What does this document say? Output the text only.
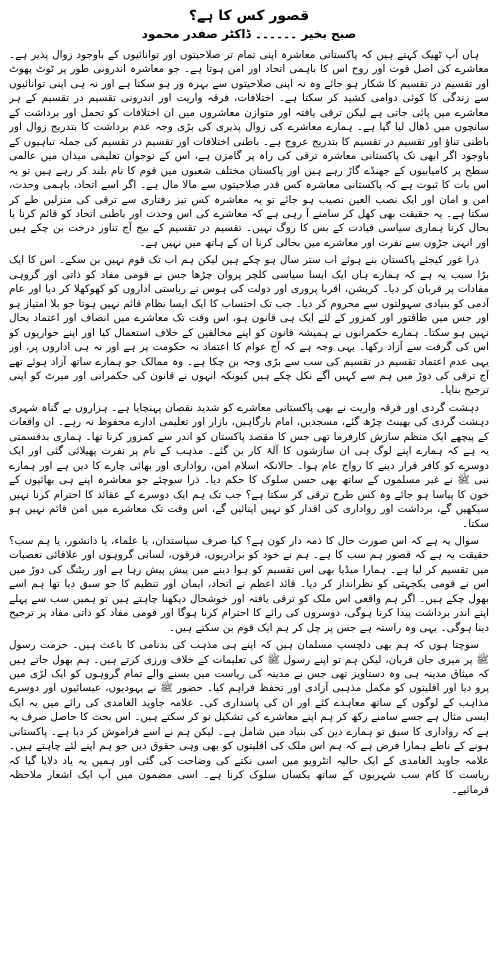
قصور کس کا ہے؟
صبح بخیر ۔۔۔۔۔۔ ڈاکٹر صفدر محمود

ہاں آپ ٹھیک کہتے ہیں کہ پاکستانی معاشرہ اپنی تمام تر صلاحیتوں اور توانائیوں کے باوجود زوال پذیر ہے۔ معاشرے کی اصل قوت اور روح اس کا باہمی اتحاد اور امن ہوتا ہے۔ جو معاشرہ اندرونی طور پر ٹوٹ پھوٹ اور تقسیم در تقسیم کا شکار ہو جائے وہ نہ اپنی صلاحیتوں سے بہرہ ور ہو سکتا ہے اور نہ ہی اپنی توانائیوں سے زندگی کا کوئی دوامی کشید کر سکتا ہے۔ اختلافات، فرقہ واریت اور اندرونی تقسیم در تقسیم کے ہر معاشرے میں پائی جاتی ہے لیکن ترقی یافتہ اور متوازن معاشروں میں ان اختلافات کو تحمل اور برداشت کے سانچوں میں ڈھال لیا گیا ہے۔ ہمارے معاشرے کی زوال پذیری کی بڑی وجہ عدم برداشت کا بتدریج زوال اور باطنی تناؤ اور تقسیم در تقسیم کا بتدریج عروج ہے۔ باطنی اختلافات اور تقسیم در تقسیم کی جملہ تباہیوں کے باوجود اگر ابھی تک پاکستانی معاشرہ ترقی کی راہ پر گامزن ہے، اس کے نوجوان تعلیمی میدان میں عالمی سطح پر کامیابیوں کے جھنڈے گاڑ رہے ہیں اور پاکستان مختلف شعبوں میں قوم کا نام بلند کر رہے ہیں تو یہ اس بات کا ثبوت ہے کہ پاکستانی معاشرہ کس قدر صلاحیتوں سے مالا مال ہے۔ اگر اسے اتحاد، باہمی وحدت، امن و امان اور ایک نصب العین نصیب ہو جائے تو یہ معاشرہ کس تیز رفتاری سے ترقی کی منزلیں طے کر سکتا ہے۔ یہ حقیقت بھی کھل کر سامنے آ رہی ہے کہ معاشرے کی اس وحدت اور باطنی اتحاد کو قائم کرنا یا بحال کرنا ہماری سیاسی قیادت کے بس کا روگ نہیں۔ تقسیم در تقسیم کے بیج آج تناور درخت بن چکے ہیں اور انہی جڑوں سے نفرت اور معاشرے میں بحالی کرنا ان کے ہاتھ میں نہیں ہے۔

ذرا غور کیجئے پاکستان بنے ہوئے اب ستر سال ہو چکے ہیں لیکن ہم اب تک قوم نہیں بن سکے۔ اس کا ایک بڑا سبب یہ ہے کہ ہمارے ہاں ایک ایسا سیاسی کلچر پروان چڑھا جس نے قومی مفاد کو ذاتی اور گروہی مفادات پر قربان کر دیا۔ کرپشن، اقربا پروری اور دولت کی ہوس نے ریاستی اداروں کو کھوکھلا کر دیا اور عام آدمی کو بنیادی سہولتوں سے محروم کر دیا۔ جب تک احتساب کا ایک ایسا نظام قائم نہیں ہوتا جو بلا امتیاز ہو اور جس میں طاقتور اور کمزور کے لئے ایک ہی قانون ہو، اس وقت تک معاشرے میں انصاف اور اعتماد بحال نہیں ہو سکتا۔ ہمارے حکمرانوں نے ہمیشہ قانون کو اپنے مخالفین کے خلاف استعمال کیا اور اپنے حواریوں کو اس کی گرفت سے آزاد رکھا۔ یہی وجہ ہے کہ آج عوام کا اعتماد نہ حکومت پر ہے اور نہ ہی اداروں پر، اور یہی عدم اعتماد تقسیم در تقسیم کی سب سے بڑی وجہ بن چکا ہے۔ وہ ممالک جو ہمارے ساتھ آزاد ہوئے تھے آج ترقی کی دوڑ میں ہم سے کہیں آگے نکل چکے ہیں کیونکہ انہوں نے قانون کی حکمرانی اور میرٹ کو اپنی ترجیح بنایا۔

دہشت گردی اور فرقہ واریت نے بھی پاکستانی معاشرے کو شدید نقصان پہنچایا ہے۔ ہزاروں بے گناہ شہری دہشت گردی کی بھینٹ چڑھ گئے، مسجدیں، امام بارگاہیں، بازار اور تعلیمی ادارے محفوظ نہ رہے۔ ان واقعات کے پیچھے ایک منظم سازش کارفرما تھی جس کا مقصد پاکستان کو اندر سے کمزور کرنا تھا۔ ہماری بدقسمتی یہ ہے کہ ہمارے اپنے لوگ ہی ان سازشوں کا آلۂ کار بن گئے۔ مذہب کے نام پر نفرت پھیلائی گئی اور ایک دوسرے کو کافر قرار دینے کا رواج عام ہوا۔ حالانکہ اسلام امن، رواداری اور بھائی چارے کا دین ہے اور ہمارے نبی ﷺ نے غیر مسلموں کے ساتھ بھی حسن سلوک کا حکم دیا۔ ذرا سوچئے جو معاشرہ اپنے ہی بھائیوں کے خون کا پیاسا ہو جائے وہ کس طرح ترقی کر سکتا ہے؟ جب تک ہم ایک دوسرے کے عقائد کا احترام کرنا نہیں سیکھیں گے، برداشت اور رواداری کی اقدار کو نہیں اپنائیں گے، اس وقت تک معاشرے میں امن قائم نہیں ہو سکتا۔

سوال یہ ہے کہ اس صورت حال کا ذمہ دار کون ہے؟ کیا صرف سیاستدان، یا علماء، یا دانشور، یا ہم سب؟ حقیقت یہ ہے کہ قصور ہم سب کا ہے۔ ہم نے خود کو برادریوں، فرقوں، لسانی گروہوں اور علاقائی تعصبات میں تقسیم کر لیا ہے۔ ہمارا میڈیا بھی اس تقسیم کو ہوا دینے میں پیش پیش رہا ہے اور ریٹنگ کی دوڑ میں اس نے قومی یکجہتی کو نظرانداز کر دیا۔ قائد اعظم نے اتحاد، ایمان اور تنظیم کا جو سبق دیا تھا ہم اسے بھول چکے ہیں۔ اگر ہم واقعی اس ملک کو ترقی یافتہ اور خوشحال دیکھنا چاہتے ہیں تو ہمیں سب سے پہلے اپنے اندر برداشت پیدا کرنا ہوگی، دوسروں کی رائے کا احترام کرنا ہوگا اور قومی مفاد کو ذاتی مفاد پر ترجیح دینا ہوگی۔ یہی وہ راستہ ہے جس پر چل کر ہم ایک قوم بن سکتے ہیں۔

سوچتا ہوں کہ ہم بھی دلچسپ مسلمان ہیں کہ اپنے ہی مذہب کی بدنامی کا باعث ہیں۔ حرمت رسول ﷺ پر میری جان قربان، لیکن ہم تو اپنے رسول ﷺ کی تعلیمات کے خلاف ورزی کرتے ہیں۔ ہم بھول جاتے ہیں کہ میثاق مدینہ ہی وہ دستاویز تھی جس نے مدینہ کی ریاست میں بسنے والے تمام گروہوں کو ایک لڑی میں پرو دیا اور اقلیتوں کو مکمل مذہبی آزادی اور تحفظ فراہم کیا۔ حضور ﷺ نے یہودیوں، عیسائیوں اور دوسرے مذاہب کے لوگوں کے ساتھ معاہدے کئے اور ان کی پاسداری کی۔ علامہ جاوید الغامدی کی رائے میں یہ ایک ایسی مثال ہے جسے سامنے رکھ کر ہم اپنے معاشرے کی تشکیل نو کر سکتے ہیں۔ اس بحث کا حاصل صرف یہ ہے کہ رواداری کا سبق تو ہمارے دین کی بنیاد میں شامل ہے۔ لیکن ہم نے اسے فراموش کر دیا ہے۔ پاکستانی ہونے کے ناطے ہمارا فرض ہے کہ ہم اس ملک کی اقلیتوں کو بھی وہی حقوق دیں جو ہم اپنے لئے چاہتے ہیں۔ علامہ جاوید الغامدی کے ایک حالیہ انٹرویو میں اسی نکتے کی وضاحت کی گئی اور ہمیں یہ یاد دلایا گیا کہ ریاست کا کام سب شہریوں کے ساتھ یکساں سلوک کرنا ہے۔ اسی مضمون میں آپ ایک اشعار ملاحظہ فرمائیے۔
